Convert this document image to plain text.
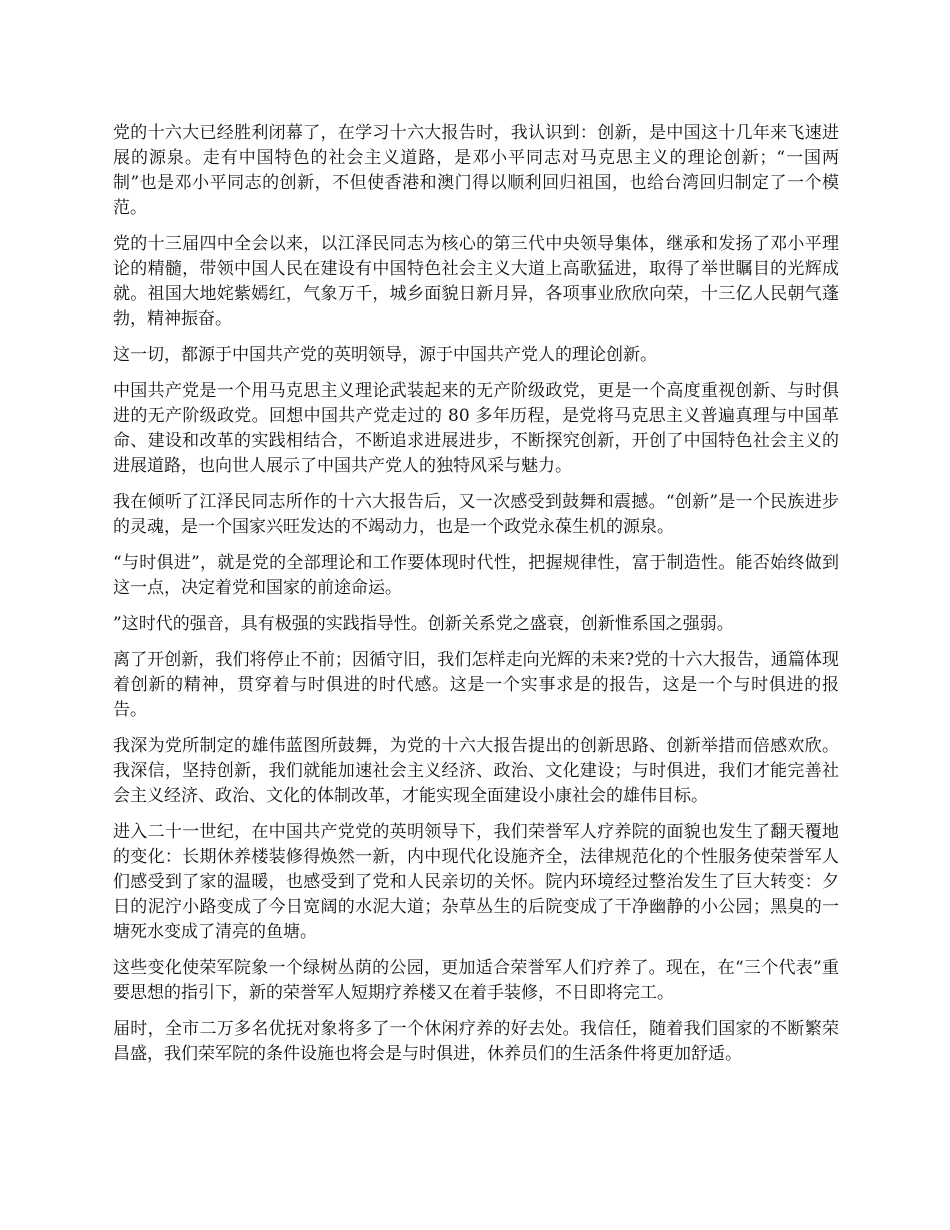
党的十六大已经胜利闭幕了，在学习十六大报告时，我认识到：创新，是中国这十几年来飞速进展的源泉。走有中国特色的社会主义道路，是邓小平同志对马克思主义的理论创新；“一国两制”也是邓小平同志的创新，不但使香港和澳门得以顺利回归祖国，也给台湾回归制定了一个模范。

党的十三届四中全会以来，以江泽民同志为核心的第三代中央领导集体，继承和发扬了邓小平理论的精髓，带领中国人民在建设有中国特色社会主义大道上高歌猛进，取得了举世瞩目的光辉成就。祖国大地姹紫嫣红，气象万千，城乡面貌日新月异，各项事业欣欣向荣，十三亿人民朝气蓬勃，精神振奋。

这一切，都源于中国共产党的英明领导，源于中国共产党人的理论创新。

中国共产党是一个用马克思主义理论武装起来的无产阶级政党，更是一个高度重视创新、与时俱进的无产阶级政党。回想中国共产党走过的 80 多年历程，是党将马克思主义普遍真理与中国革命、建设和改革的实践相结合，不断追求进展进步，不断探究创新，开创了中国特色社会主义的进展道路，也向世人展示了中国共产党人的独特风采与魅力。

我在倾听了江泽民同志所作的十六大报告后，又一次感受到鼓舞和震撼。“创新”是一个民族进步的灵魂，是一个国家兴旺发达的不竭动力，也是一个政党永葆生机的源泉。

“与时俱进”，就是党的全部理论和工作要体现时代性，把握规律性，富于制造性。能否始终做到这一点，决定着党和国家的前途命运。

”这时代的强音，具有极强的实践指导性。创新关系党之盛衰，创新惟系国之强弱。

离了开创新，我们将停止不前；因循守旧，我们怎样走向光辉的未来?党的十六大报告，通篇体现着创新的精神，贯穿着与时俱进的时代感。这是一个实事求是的报告，这是一个与时俱进的报告。

我深为党所制定的雄伟蓝图所鼓舞，为党的十六大报告提出的创新思路、创新举措而倍感欢欣。我深信，坚持创新，我们就能加速社会主义经济、政治、文化建设；与时俱进，我们才能完善社会主义经济、政治、文化的体制改革，才能实现全面建设小康社会的雄伟目标。

进入二十一世纪，在中国共产党党的英明领导下，我们荣誉军人疗养院的面貌也发生了翻天覆地的变化：长期休养楼装修得焕然一新，内中现代化设施齐全，法律规范化的个性服务使荣誉军人们感受到了家的温暖，也感受到了党和人民亲切的关怀。院内环境经过整治发生了巨大转变：夕日的泥泞小路变成了今日宽阔的水泥大道；杂草丛生的后院变成了干净幽静的小公园；黑臭的一塘死水变成了清亮的鱼塘。

这些变化使荣军院象一个绿树丛荫的公园，更加适合荣誉军人们疗养了。现在，在“三个代表”重要思想的指引下，新的荣誉军人短期疗养楼又在着手装修，不日即将完工。

届时，全市二万多名优抚对象将多了一个休闲疗养的好去处。我信任，随着我们国家的不断繁荣昌盛，我们荣军院的条件设施也将会是与时俱进，休养员们的生活条件将更加舒适。
